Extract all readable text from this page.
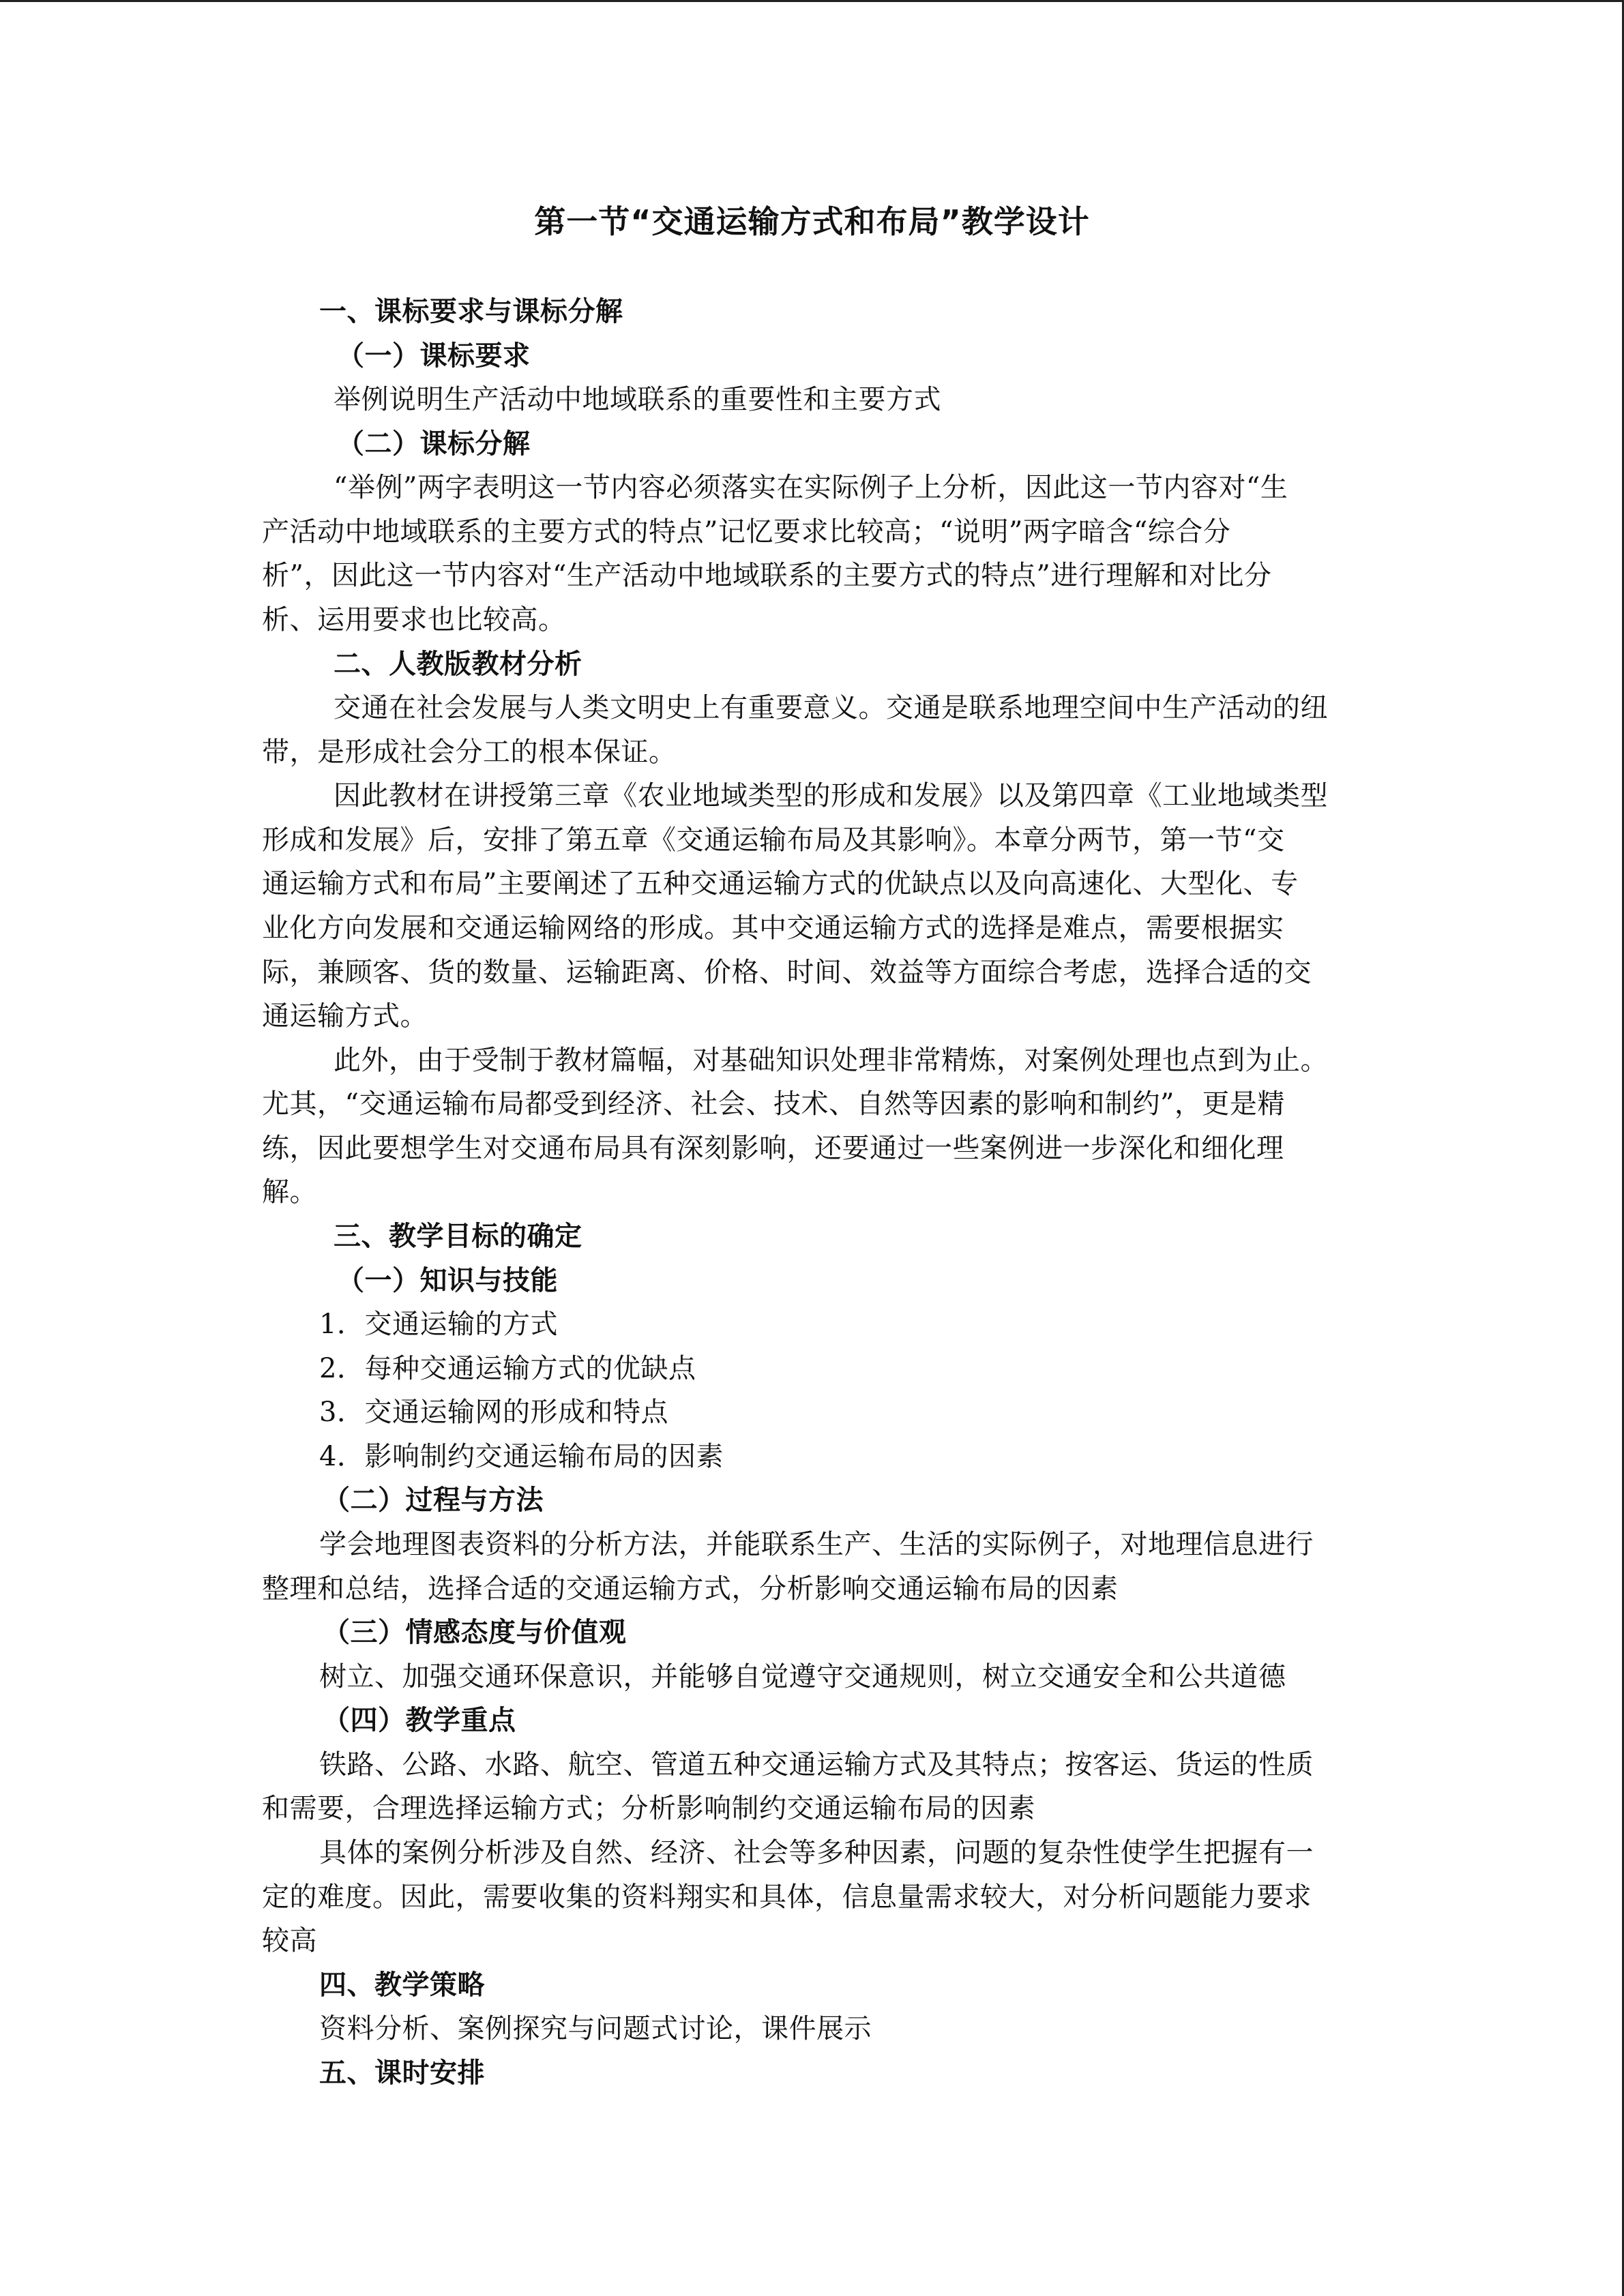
第一节“交通运输方式和布局”教学设计
一、课标要求与课标分解
（一）课标要求
举例说明生产活动中地域联系的重要性和主要方式
（二）课标分解
“举例”两字表明这一节内容必须落实在实际例子上分析，因此这一节内容对“生
产活动中地域联系的主要方式的特点”记忆要求比较高；“说明”两字暗含“综合分
析”，因此这一节内容对“生产活动中地域联系的主要方式的特点”进行理解和对比分
析、运用要求也比较高。
二、人教版教材分析
交通在社会发展与人类文明史上有重要意义。交通是联系地理空间中生产活动的纽
带，是形成社会分工的根本保证。
因此教材在讲授第三章《农业地域类型的形成和发展》以及第四章《工业地域类型
形成和发展》后，安排了第五章《交通运输布局及其影响》。本章分两节，第一节“交
通运输方式和布局”主要阐述了五种交通运输方式的优缺点以及向高速化、大型化、专
业化方向发展和交通运输网络的形成。其中交通运输方式的选择是难点，需要根据实
际，兼顾客、货的数量、运输距离、价格、时间、效益等方面综合考虑，选择合适的交
通运输方式。
此外，由于受制于教材篇幅，对基础知识处理非常精炼，对案例处理也点到为止。
尤其，“交通运输布局都受到经济、社会、技术、自然等因素的影响和制约”，更是精
练，因此要想学生对交通布局具有深刻影响，还要通过一些案例进一步深化和细化理
解。
三、教学目标的确定
（一）知识与技能
1．交通运输的方式
2．每种交通运输方式的优缺点
3．交通运输网的形成和特点
4．影响制约交通运输布局的因素
（二）过程与方法
学会地理图表资料的分析方法，并能联系生产、生活的实际例子，对地理信息进行
整理和总结，选择合适的交通运输方式，分析影响交通运输布局的因素
（三）情感态度与价值观
树立、加强交通环保意识，并能够自觉遵守交通规则，树立交通安全和公共道德
（四）教学重点
铁路、公路、水路、航空、管道五种交通运输方式及其特点；按客运、货运的性质
和需要，合理选择运输方式；分析影响制约交通运输布局的因素
具体的案例分析涉及自然、经济、社会等多种因素，问题的复杂性使学生把握有一
定的难度。因此，需要收集的资料翔实和具体，信息量需求较大，对分析问题能力要求
较高
四、教学策略
资料分析、案例探究与问题式讨论，课件展示
五、课时安排
